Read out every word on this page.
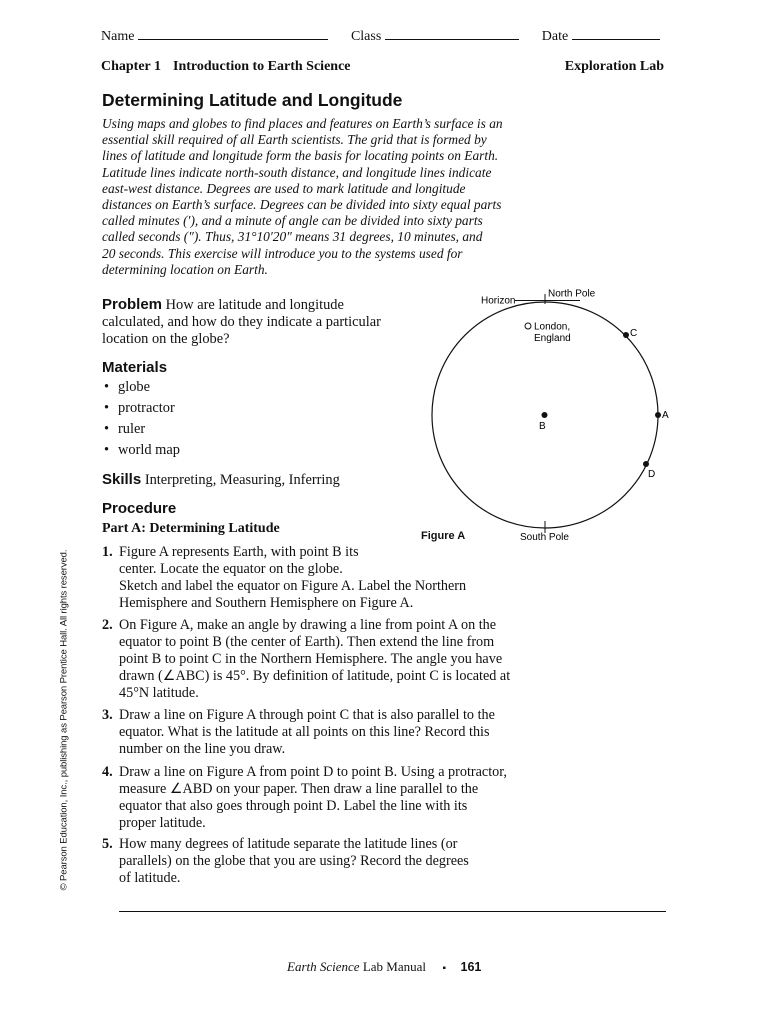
Name	Class	Date
Chapter 1 Introduction to Earth Science	Exploration Lab
Determining Latitude and Longitude
Using maps and globes to find places and features on Earth’s surface is an
essential skill required of all Earth scientists. The grid that is formed by
lines of latitude and longitude form the basis for locating points on Earth.
Latitude lines indicate north-south distance, and longitude lines indicate
east-west distance. Degrees are used to mark latitude and longitude
distances on Earth’s surface. Degrees can be divided into sixty equal parts
called minutes (′), and a minute of angle can be divided into sixty parts
called seconds (″). Thus, 31°10′20″ means 31 degrees, 10 minutes, and
20 seconds. This exercise will introduce you to the systems used for
determining location on Earth.
Problem How are latitude and longitude
calculated, and how do they indicate a particular
location on the globe?
Materials
• globe
• protractor
• ruler
• world map
Skills Interpreting, Measuring, Inferring
Procedure
Part A: Determining Latitude
1. Figure A represents Earth, with point B its
center. Locate the equator on the globe.
Sketch and label the equator on Figure A. Label the Northern
Hemisphere and Southern Hemisphere on Figure A.
2. On Figure A, make an angle by drawing a line from point A on the
equator to point B (the center of Earth). Then extend the line from
point B to point C in the Northern Hemisphere. The angle you have
drawn (∠ABC) is 45°. By definition of latitude, point C is located at
45°N latitude.
3. Draw a line on Figure A through point C that is also parallel to the
equator. What is the latitude at all points on this line? Record this
number on the line you draw.
4. Draw a line on Figure A from point D to point B. Using a protractor,
measure ∠ABD on your paper. Then draw a line parallel to the
equator that also goes through point D. Label the line with its
proper latitude.
5. How many degrees of latitude separate the latitude lines (or
parallels) on the globe that you are using? Record the degrees
of latitude.
Horizon
North Pole
London,
England
B
C
A
D
South Pole
Figure A
© Pearson Education, Inc., publishing as Pearson Prentice Hall. All rights reserved.
Earth Science Lab Manual ▪ 161
